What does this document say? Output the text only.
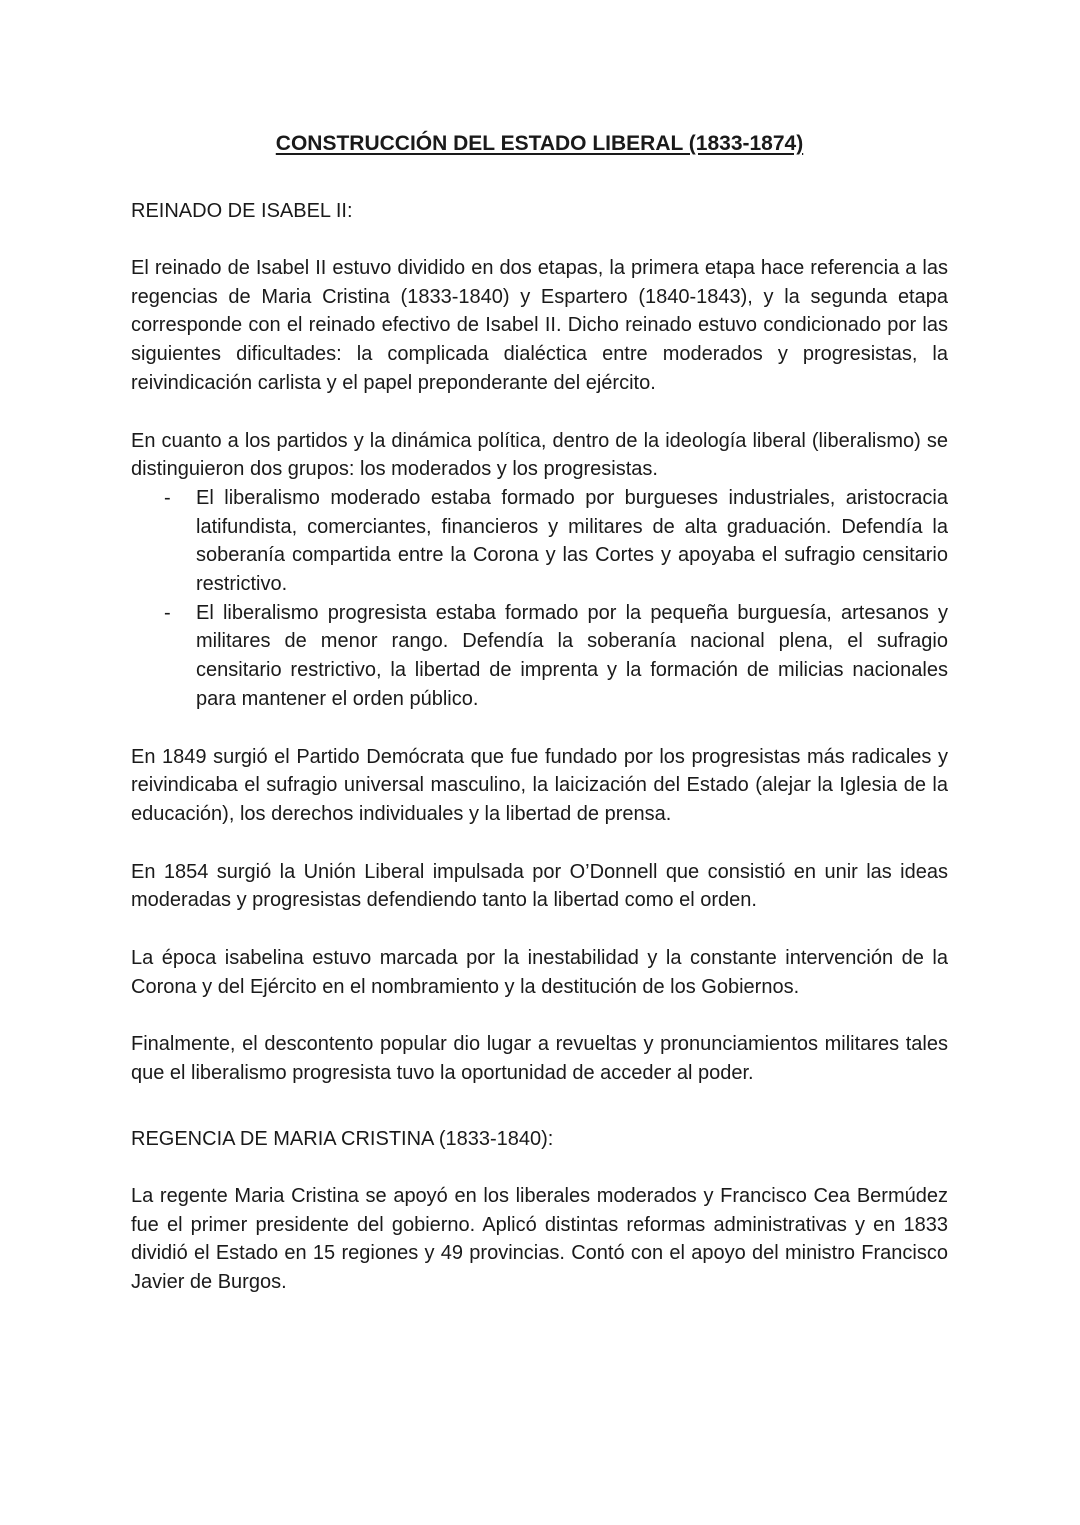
CONSTRUCCIÓN DEL ESTADO LIBERAL (1833-1874)
REINADO DE ISABEL II:

El reinado de Isabel II estuvo dividido en dos etapas, la primera etapa hace referencia a las regencias de Maria Cristina (1833-1840) y Espartero (1840-1843), y la segunda etapa corresponde con el reinado efectivo de Isabel II. Dicho reinado estuvo condicionado por las siguientes dificultades: la complicada dialéctica entre moderados y progresistas, la reivindicación carlista y el papel preponderante del ejército.

En cuanto a los partidos y la dinámica política, dentro de la ideología liberal (liberalismo) se distinguieron dos grupos: los moderados y los progresistas.

- El liberalismo moderado estaba formado por burgueses industriales, aristocracia latifundista, comerciantes, financieros y militares de alta graduación. Defendía la soberanía compartida entre la Corona y las Cortes y apoyaba el sufragio censitario restrictivo.
- El liberalismo progresista estaba formado por la pequeña burguesía, artesanos y militares de menor rango. Defendía la soberanía nacional plena, el sufragio censitario restrictivo, la libertad de imprenta y la formación de milicias nacionales para mantener el orden público.

En 1849 surgió el Partido Demócrata que fue fundado por los progresistas más radicales y reivindicaba el sufragio universal masculino, la laicización del Estado (alejar la Iglesia de la educación), los derechos individuales y la libertad de prensa.

En 1854 surgió la Unión Liberal impulsada por O’Donnell que consistió en unir las ideas moderadas y progresistas defendiendo tanto la libertad como el orden.

La época isabelina estuvo marcada por la inestabilidad y la constante intervención de la Corona y del Ejército en el nombramiento y la destitución de los Gobiernos.

Finalmente, el descontento popular dio lugar a revueltas y pronunciamientos militares tales que el liberalismo progresista tuvo la oportunidad de acceder al poder.

REGENCIA DE MARIA CRISTINA (1833-1840):

La regente Maria Cristina se apoyó en los liberales moderados y Francisco Cea Bermúdez fue el primer presidente del gobierno. Aplicó distintas reformas administrativas y en 1833 dividió el Estado en 15 regiones y 49 provincias. Contó con el apoyo del ministro Francisco Javier de Burgos.
